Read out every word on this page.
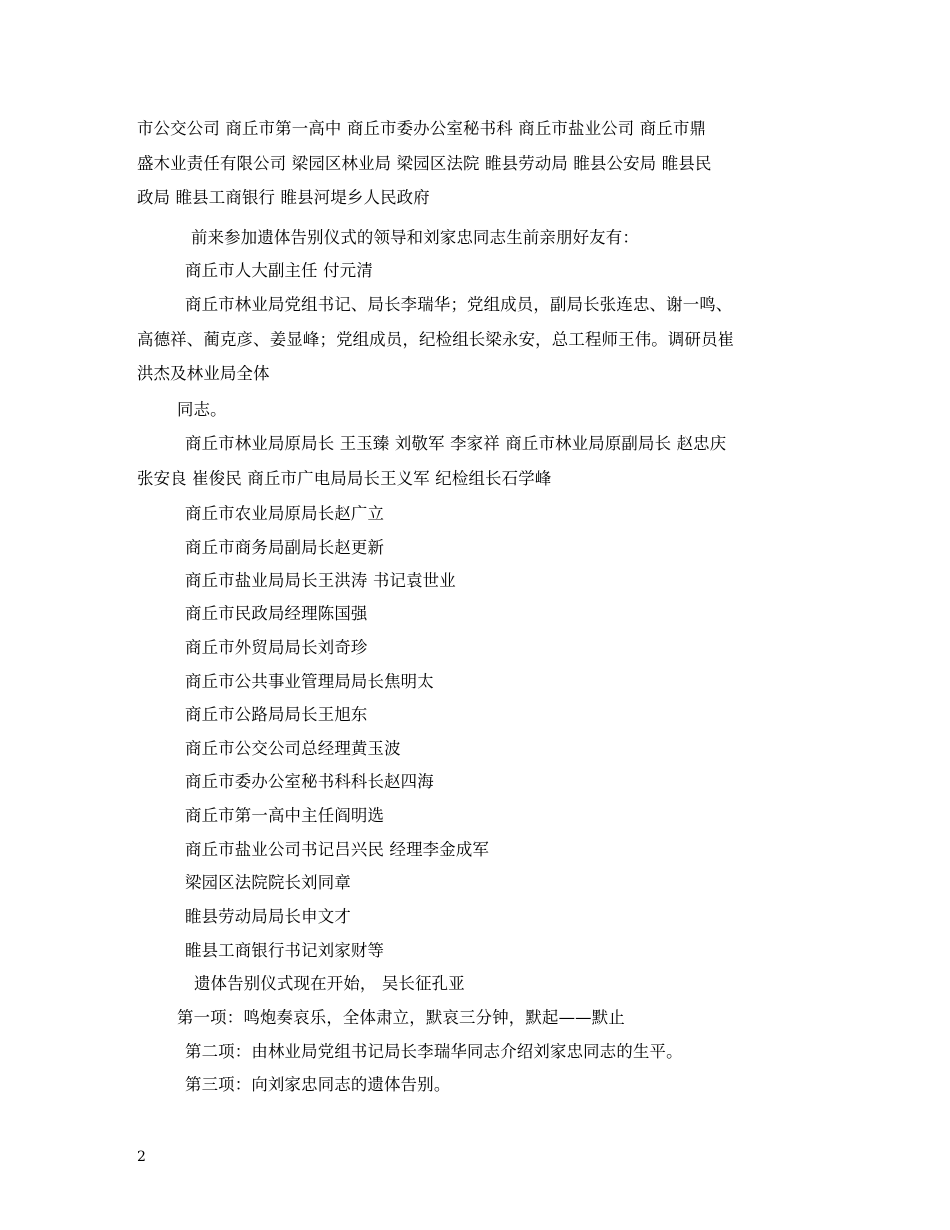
市公交公司 商丘市第一高中 商丘市委办公室秘书科 商丘市盐业公司 商丘市鼎
盛木业责任有限公司 梁园区林业局 梁园区法院 睢县劳动局 睢县公安局 睢县民
政局 睢县工商银行 睢县河堤乡人民政府
前来参加遗体告别仪式的领导和刘家忠同志生前亲朋好友有：
商丘市人大副主任 付元清
商丘市林业局党组书记、局长李瑞华；党组成员，副局长张连忠、谢一鸣、
高德祥、蔺克彦、姜显峰；党组成员，纪检组长梁永安，总工程师王伟。调研员崔
洪杰及林业局全体
同志。
商丘市林业局原局长 王玉臻 刘敬军 李家祥 商丘市林业局原副局长 赵忠庆
张安良 崔俊民 商丘市广电局局长王义军 纪检组长石学峰
商丘市农业局原局长赵广立
商丘市商务局副局长赵更新
商丘市盐业局局长王洪涛 书记袁世业
商丘市民政局经理陈国强
商丘市外贸局局长刘奇珍
商丘市公共事业管理局局长焦明太
商丘市公路局局长王旭东
商丘市公交公司总经理黄玉波
商丘市委办公室秘书科科长赵四海
商丘市第一高中主任阎明选
商丘市盐业公司书记吕兴民 经理李金成军
梁园区法院院长刘同章
睢县劳动局局长申文才
睢县工商银行书记刘家财等
遗体告别仪式现在开始， 吴长征孔亚
第一项：鸣炮奏哀乐，全体肃立，默哀三分钟，默起——默止
第二项：由林业局党组书记局长李瑞华同志介绍刘家忠同志的生平。
第三项：向刘家忠同志的遗体告别。
2
